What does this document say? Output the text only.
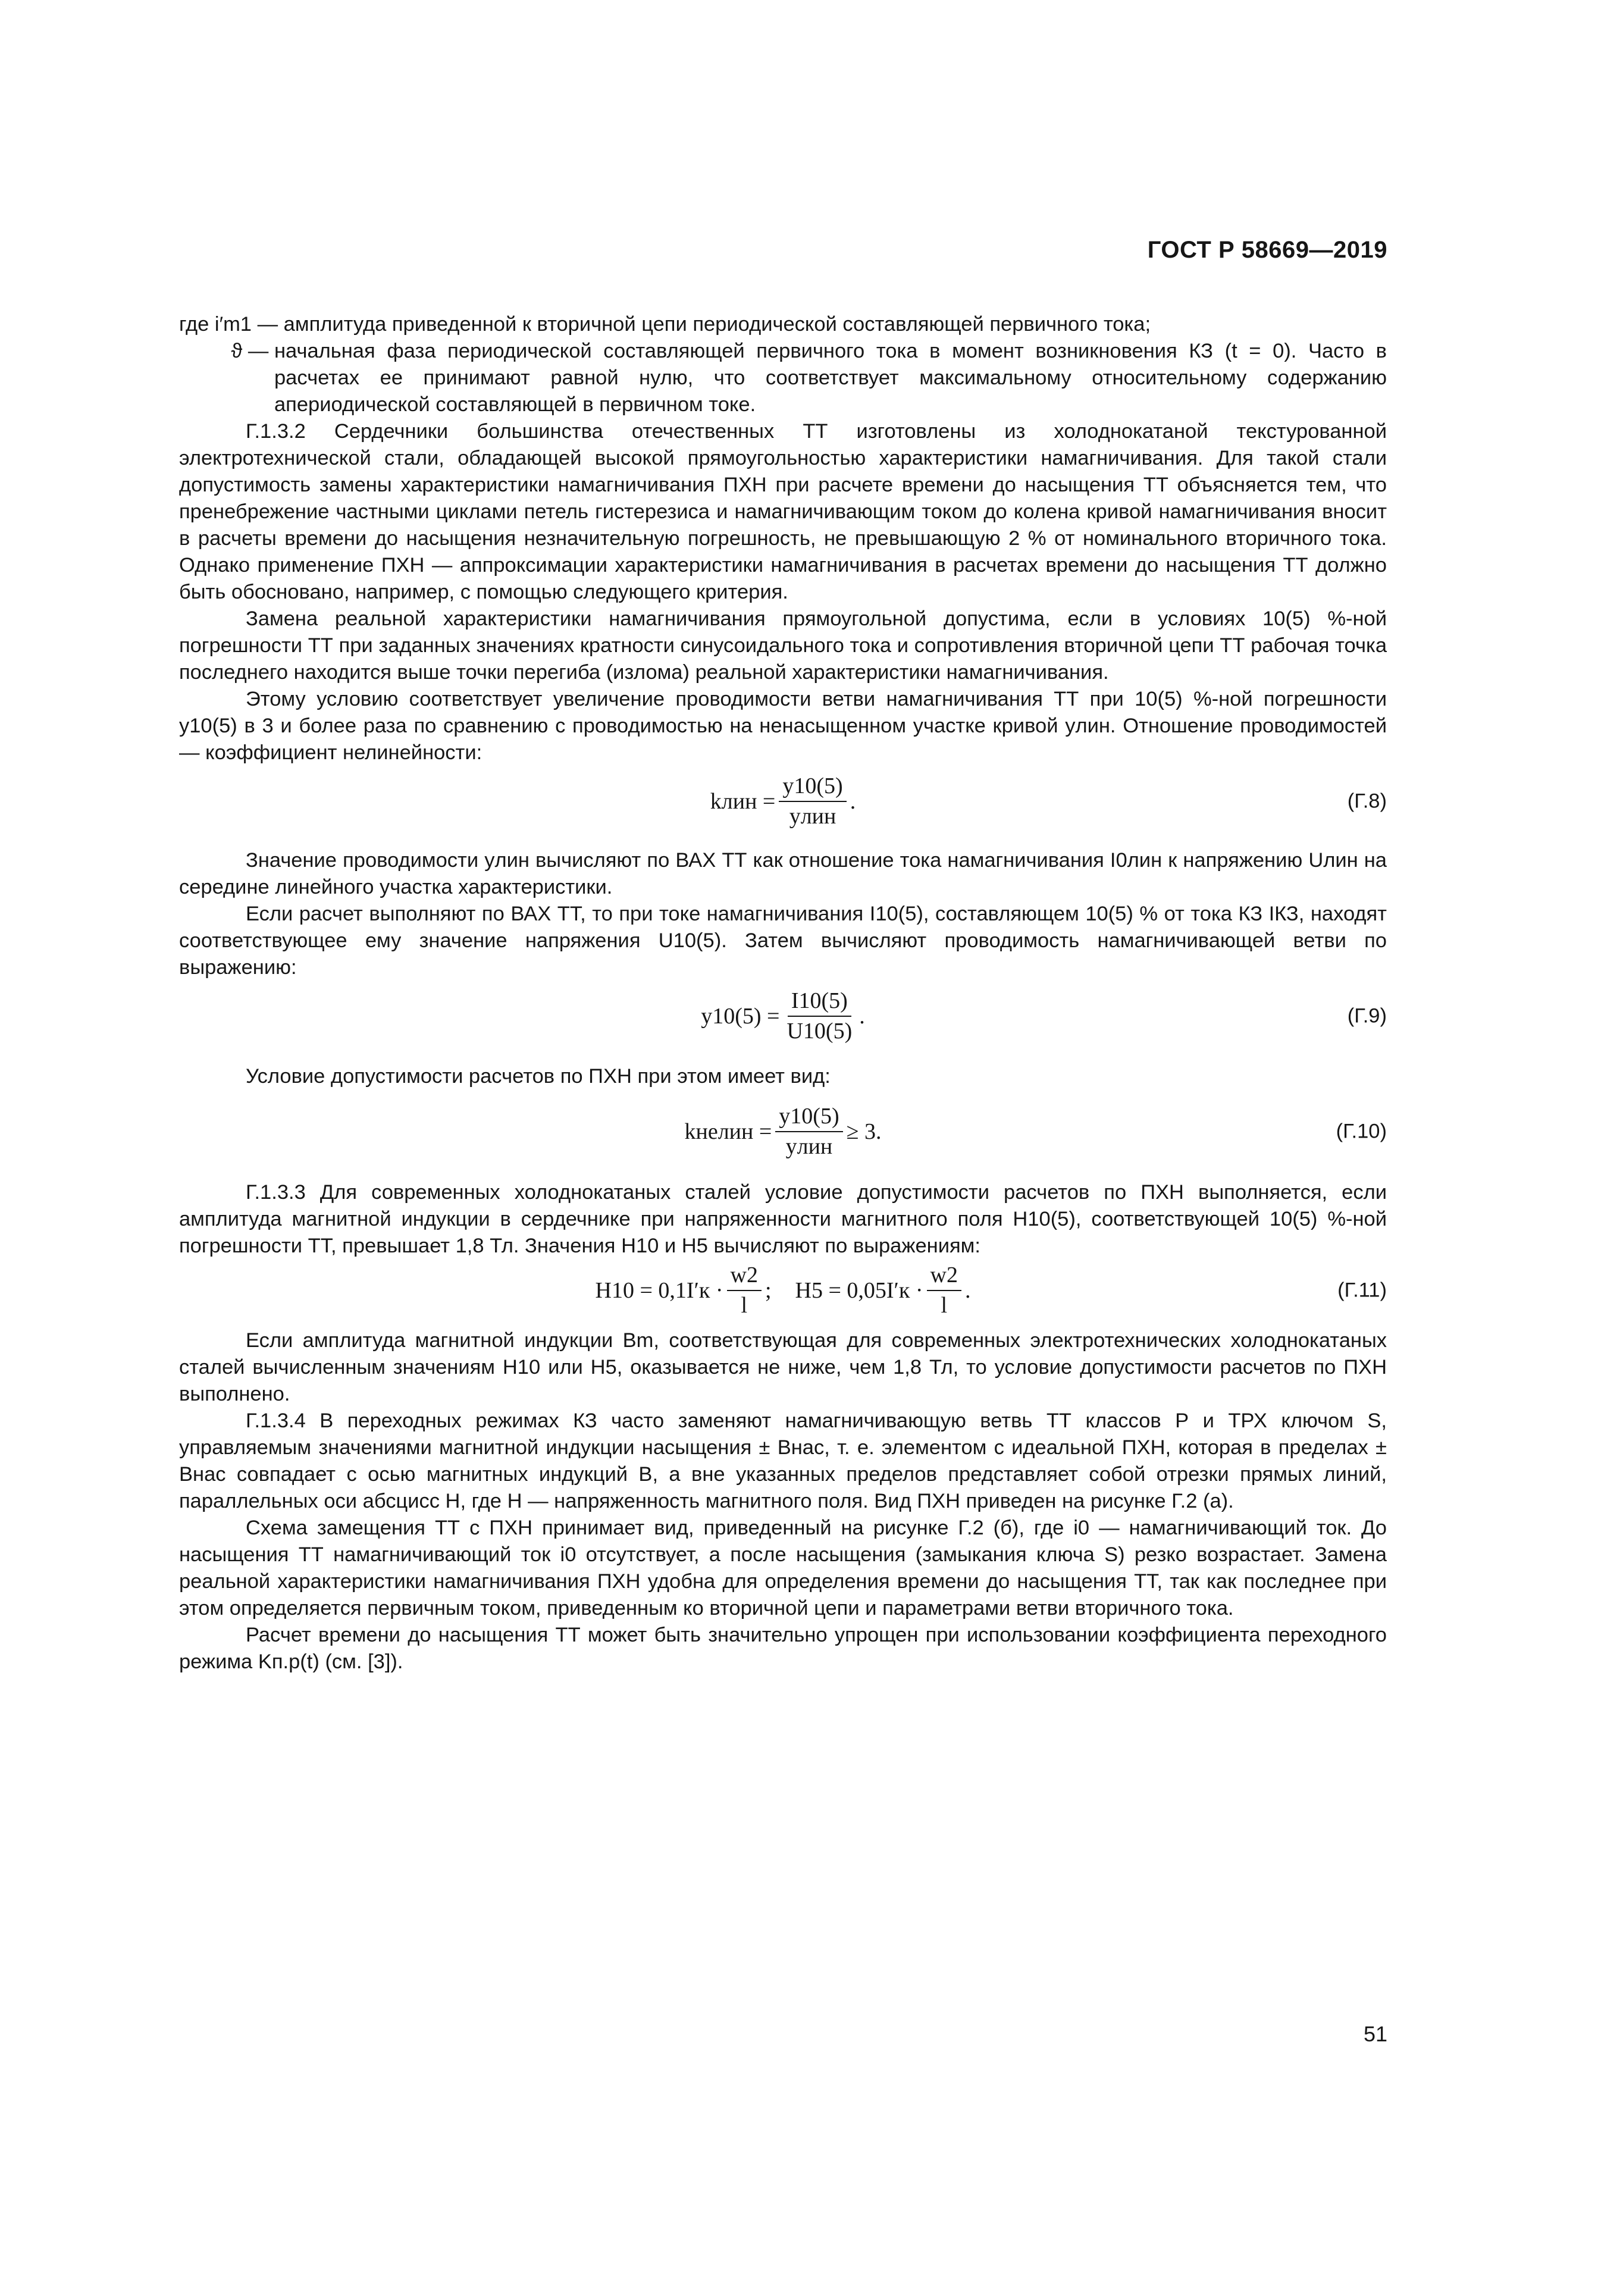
ГОСТ Р 58669—2019
где i′m1 — амплитуда приведенной к вторичной цепи периодической составляющей первичного тока;
ϑ — начальная фаза периодической составляющей первичного тока в момент возникновения КЗ (t = 0). Часто в расчетах ее принимают равной нулю, что соответствует максимальному относительному содержанию апериодической составляющей в первичном токе.

Г.1.3.2 Сердечники большинства отечественных ТТ изготовлены из холоднокатаной текстурованной электротехнической стали, обладающей высокой прямоугольностью характеристики намагничивания. Для такой стали допустимость замены характеристики намагничивания ПХН при расчете времени до насыщения ТТ объясняется тем, что пренебрежение частными циклами петель гистерезиса и намагничивающим током до колена кривой намагничивания вносит в расчеты времени до насыщения незначительную погрешность, не превышающую 2 % от номинального вторичного тока. Однако применение ПХН — аппроксимации характеристики намагничивания в расчетах времени до насыщения ТТ должно быть обосновано, например, с помощью следующего критерия.

Замена реальной характеристики намагничивания прямоугольной допустима, если в условиях 10(5) %-ной погрешности ТТ при заданных значениях кратности синусоидального тока и сопротивления вторичной цепи ТТ рабочая точка последнего находится выше точки перегиба (излома) реальной характеристики намагничивания.

Этому условию соответствует увеличение проводимости ветви намагничивания ТТ при 10(5) %-ной погрешности y10(5) в 3 и более раза по сравнению с проводимостью на ненасыщенном участке кривой yлин. Отношение проводимостей — коэффициент нелинейности:

kлин = $\frac{y10(5)}{\text{yлин}}$ .	(Г.8)

Значение проводимости yлин вычисляют по ВАХ ТТ как отношение тока намагничивания I0лин к напряжению Uлин на середине линейного участка характеристики.

Если расчет выполняют по ВАХ ТТ, то при токе намагничивания I10(5), составляющем 10(5) % от тока КЗ IКЗ, находят соответствующее ему значение напряжения U10(5). Затем вычисляют проводимость намагничивающей ветви по выражению:

$y10(5) = \frac{I10(5)}{U10(5)}$ .	(Г.9)

Условие допустимости расчетов по ПХН при этом имеет вид:

kнелин = $\frac{y10(5)}{\text{yлин}} \ge 3$.	(Г.10)

Г.1.3.3 Для современных холоднокатаных сталей условие допустимости расчетов по ПХН выполняется, если амплитуда магнитной индукции в сердечнике при напряженности магнитного поля H10(5), соответствующей 10(5) %-ной погрешности ТТ, превышает 1,8 Тл. Значения H10 и H5 вычисляют по выражениям:

$H10 = 0,1I'к \cdot \frac{w2}{l}$ ; $H5 = 0,05I'к \cdot \frac{w2}{l}$ .	(Г.11)

Если амплитуда магнитной индукции Bm, соответствующая для современных электротехнических холоднокатаных сталей вычисленным значениям H10 или H5, оказывается не ниже, чем 1,8 Тл, то условие допустимости расчетов по ПХН выполнено.

Г.1.3.4 В переходных режимах КЗ часто заменяют намагничивающую ветвь ТТ классов Р и ТРХ ключом S, управляемым значениями магнитной индукции насыщения ± Bнас, т. е. элементом с идеальной ПХН, которая в пределах ± Bнас совпадает с осью магнитных индукций B, а вне указанных пределов представляет собой отрезки прямых линий, параллельных оси абсцисс H, где H — напряженность магнитного поля. Вид ПХН приведен на рисунке Г.2 (а).

Схема замещения ТТ с ПХН принимает вид, приведенный на рисунке Г.2 (б), где i0 — намагничивающий ток. До насыщения ТТ намагничивающий ток i0 отсутствует, а после насыщения (замыкания ключа S) резко возрастает. Замена реальной характеристики намагничивания ПХН удобна для определения времени до насыщения ТТ, так как последнее при этом определяется первичным током, приведенным ко вторичной цепи и параметрами ветви вторичного тока.

Расчет времени до насыщения ТТ может быть значительно упрощен при использовании коэффициента переходного режима Kп.р(t) (см. [3]).

51
